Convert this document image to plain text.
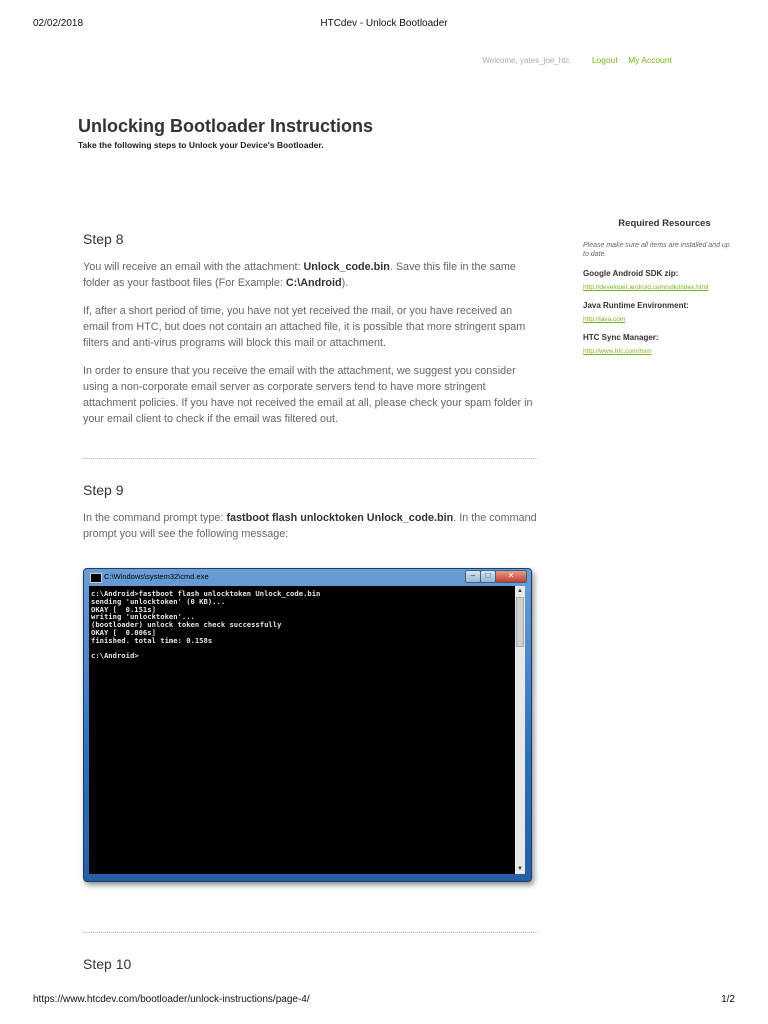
02/02/2018	HTCdev - Unlock Bootloader
https://www.htcdev.com/bootloader/unlock-instructions/page-4/	1/2
Welcome, yates_joe_htc. Logout My Account
Unlocking Bootloader Instructions
Take the following steps to Unlock your Device's Bootloader.
Step 8
You will receive an email with the attachment: Unlock_code.bin. Save this file in the same folder as your fastboot files (For Example: C:\Android).
If, after a short period of time, you have not yet received the mail, or you have received an email from HTC, but does not contain an attached file, it is possible that more stringent spam filters and anti-virus programs will block this mail or attachment.
In order to ensure that you receive the email with the attachment, we suggest you consider using a non-corporate email server as corporate servers tend to have more stringent attachment policies. If you have not received the email at all, please check your spam folder in your email client to check if the email was filtered out.
Step 9
In the command prompt type: fastboot flash unlocktoken Unlock_code.bin. In the command prompt you will see the following message:
C:\Windows\system32\cmd.exe	–	□	✕
c:\Android>fastboot flash unlocktoken Unlock_code.bin
sending 'unlocktoken' (0 KB)...
OKAY [  0.151s]
writing 'unlocktoken'...
(bootloader) unlock token check successfully
OKAY [  0.006s]
finished. total time: 0.158s

c:\Android>
▲
▼
Step 10
Required Resources
Please make sure all items are installed and up to date.
Google Android SDK zip:
http://developer.android.com/sdk/index.html
Java Runtime Environment:
http://java.com
HTC Sync Manager:
http://www.htc.com/hsm
